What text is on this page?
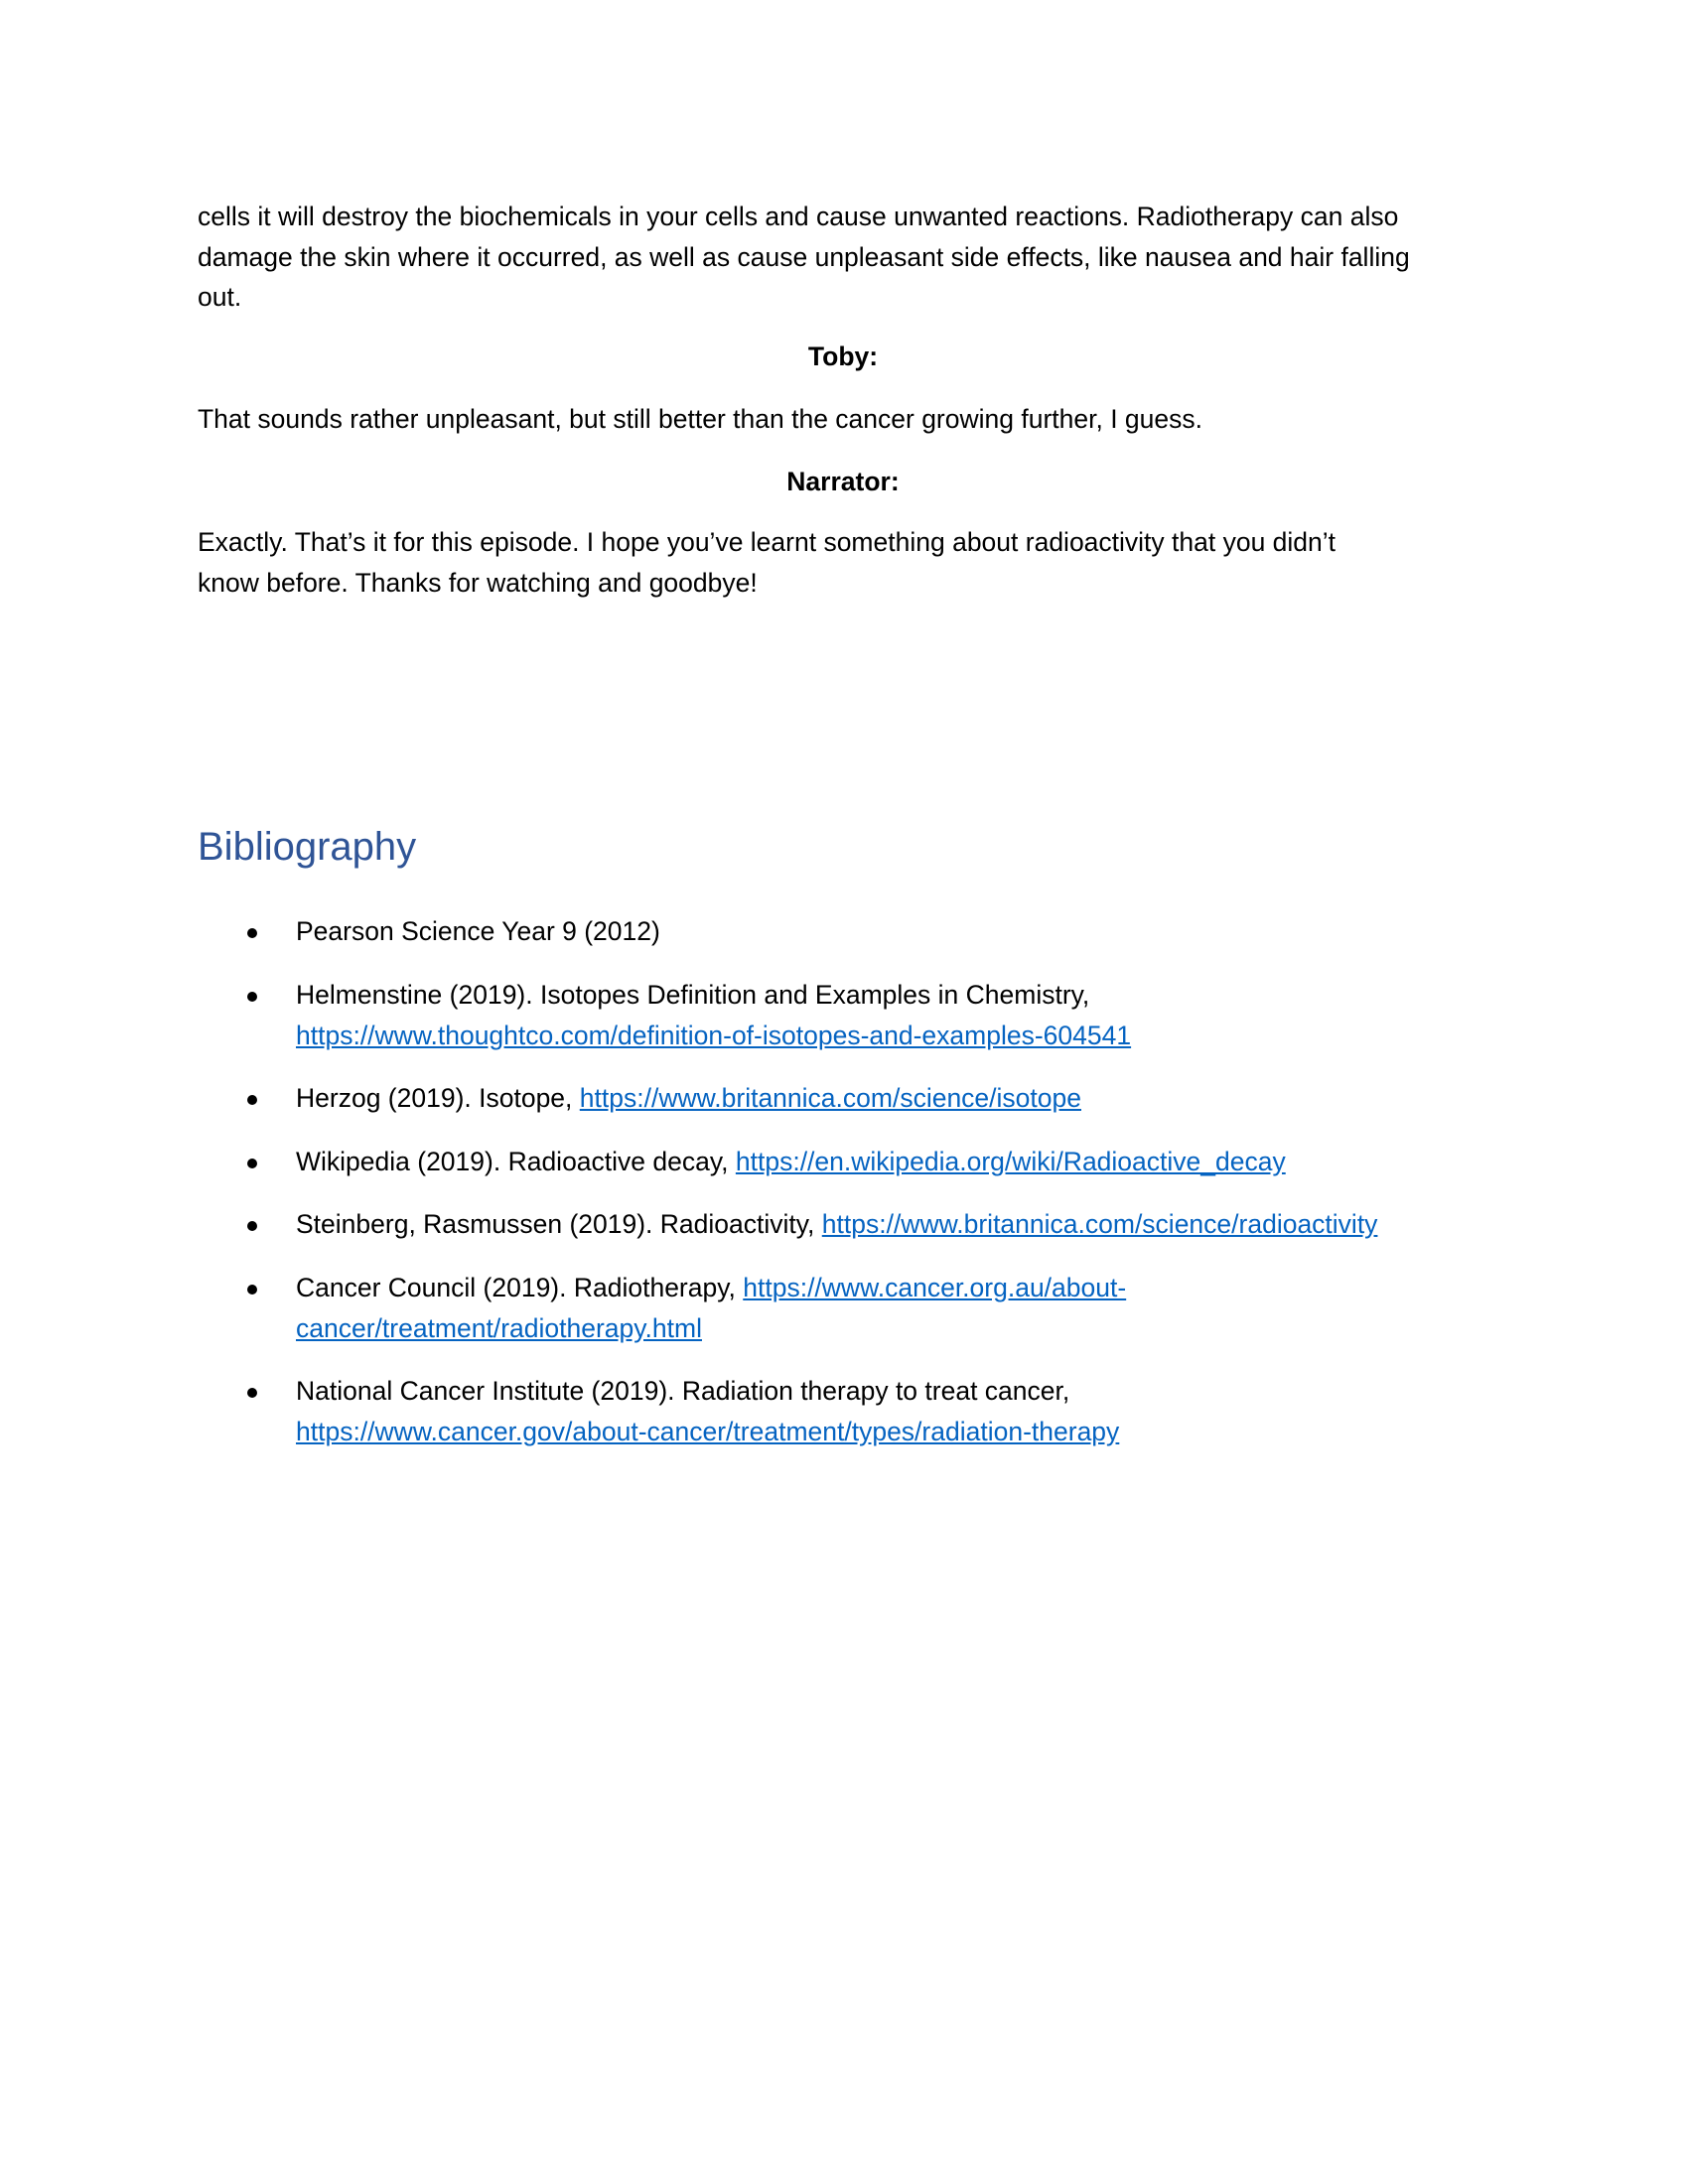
cells it will destroy the biochemicals in your cells and cause unwanted reactions. Radiotherapy can also
damage the skin where it occurred, as well as cause unpleasant side effects, like nausea and hair falling
out.

Toby:

That sounds rather unpleasant, but still better than the cancer growing further, I guess.

Narrator:

Exactly. That’s it for this episode. I hope you’ve learnt something about radioactivity that you didn’t
know before. Thanks for watching and goodbye!

Bibliography
Pearson Science Year 9 (2012)
Helmenstine (2019). Isotopes Definition and Examples in Chemistry,
https://www.thoughtco.com/definition-of-isotopes-and-examples-604541
Herzog (2019). Isotope, https://www.britannica.com/science/isotope
Wikipedia (2019). Radioactive decay, https://en.wikipedia.org/wiki/Radioactive_decay
Steinberg, Rasmussen (2019). Radioactivity, https://www.britannica.com/science/radioactivity
Cancer Council (2019). Radiotherapy, https://www.cancer.org.au/about-
cancer/treatment/radiotherapy.html
National Cancer Institute (2019). Radiation therapy to treat cancer,
https://www.cancer.gov/about-cancer/treatment/types/radiation-therapy
